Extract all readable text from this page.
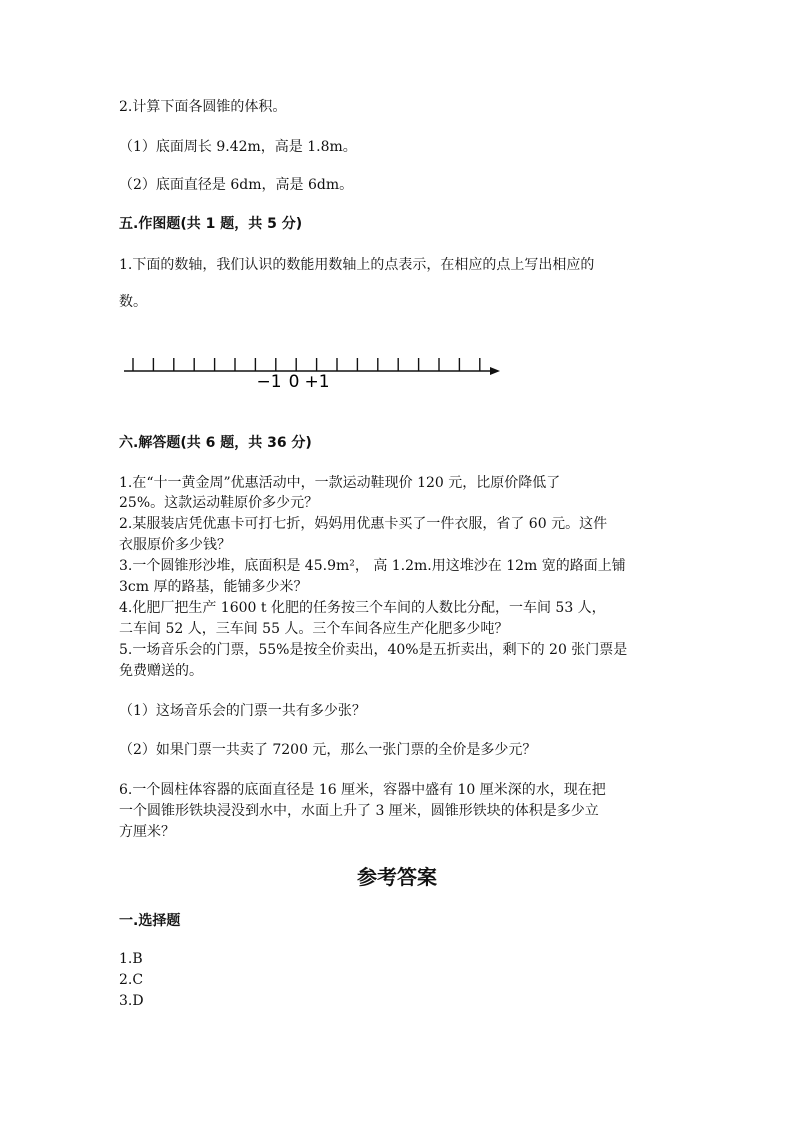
2.计算下面各圆锥的体积。
（1）底面周长 9.42m，高是 1.8m。
（2）底面直径是 6dm，高是 6dm。
五.作图题(共 1 题，共 5 分)
1.下面的数轴，我们认识的数能用数轴上的点表示，在相应的点上写出相应的
数。
−1 0 +1
六.解答题(共 6 题，共 36 分)
1.在“十一黄金周”优惠活动中，一款运动鞋现价 120 元，比原价降低了
25%。这款运动鞋原价多少元？
2.某服装店凭优惠卡可打七折，妈妈用优惠卡买了一件衣服，省了 60 元。这件
衣服原价多少钱？
3.一个圆锥形沙堆，底面积是 45.9m²， 高 1.2m.用这堆沙在 12m 宽的路面上铺
3cm 厚的路基，能铺多少米？
4.化肥厂把生产 1600 t 化肥的任务按三个车间的人数比分配，一车间 53 人，
二车间 52 人，三车间 55 人。三个车间各应生产化肥多少吨？
5.一场音乐会的门票，55%是按全价卖出，40%是五折卖出，剩下的 20 张门票是
免费赠送的。
（1）这场音乐会的门票一共有多少张？
（2）如果门票一共卖了 7200 元，那么一张门票的全价是多少元？
6.一个圆柱体容器的底面直径是 16 厘米，容器中盛有 10 厘米深的水，现在把
一个圆锥形铁块浸没到水中，水面上升了 3 厘米，圆锥形铁块的体积是多少立
方厘米？
参考答案
一.选择题
1.B
2.C
3.D
